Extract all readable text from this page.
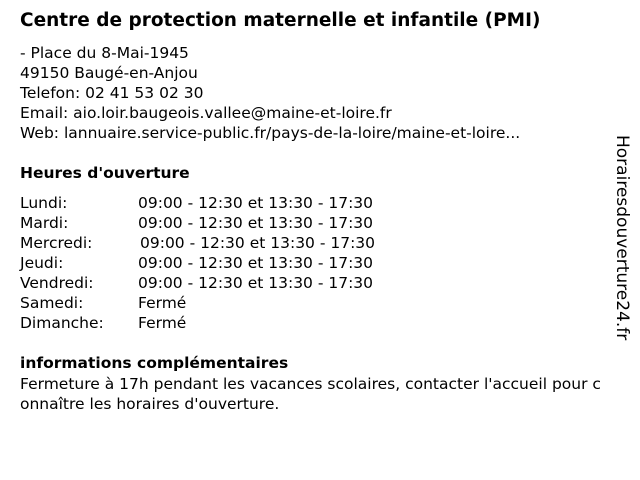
Centre de protection maternelle et infantile (PMI)
- Place du 8-Mai-1945
49150 Baugé-en-Anjou
Telefon: 02 41 53 02 30
Email: aio.loir.baugeois.vallee@maine-et-loire.fr
Web: lannuaire.service-public.fr/pays-de-la-loire/maine-et-loire...
Heures d'ouverture
Lundi:	09:00 - 12:30 et 13:30 - 17:30
Mardi:	09:00 - 12:30 et 13:30 - 17:30
Mercredi:	09:00 - 12:30 et 13:30 - 17:30
Jeudi:	09:00 - 12:30 et 13:30 - 17:30
Vendredi:	09:00 - 12:30 et 13:30 - 17:30
Samedi:	Fermé
Dimanche: Fermé
informations complémentaires
Fermeture à 17h pendant les vacances scolaires, contacter l'accueil pour connaître les horaires d'ouverture.
Horairesdouverture24.fr
